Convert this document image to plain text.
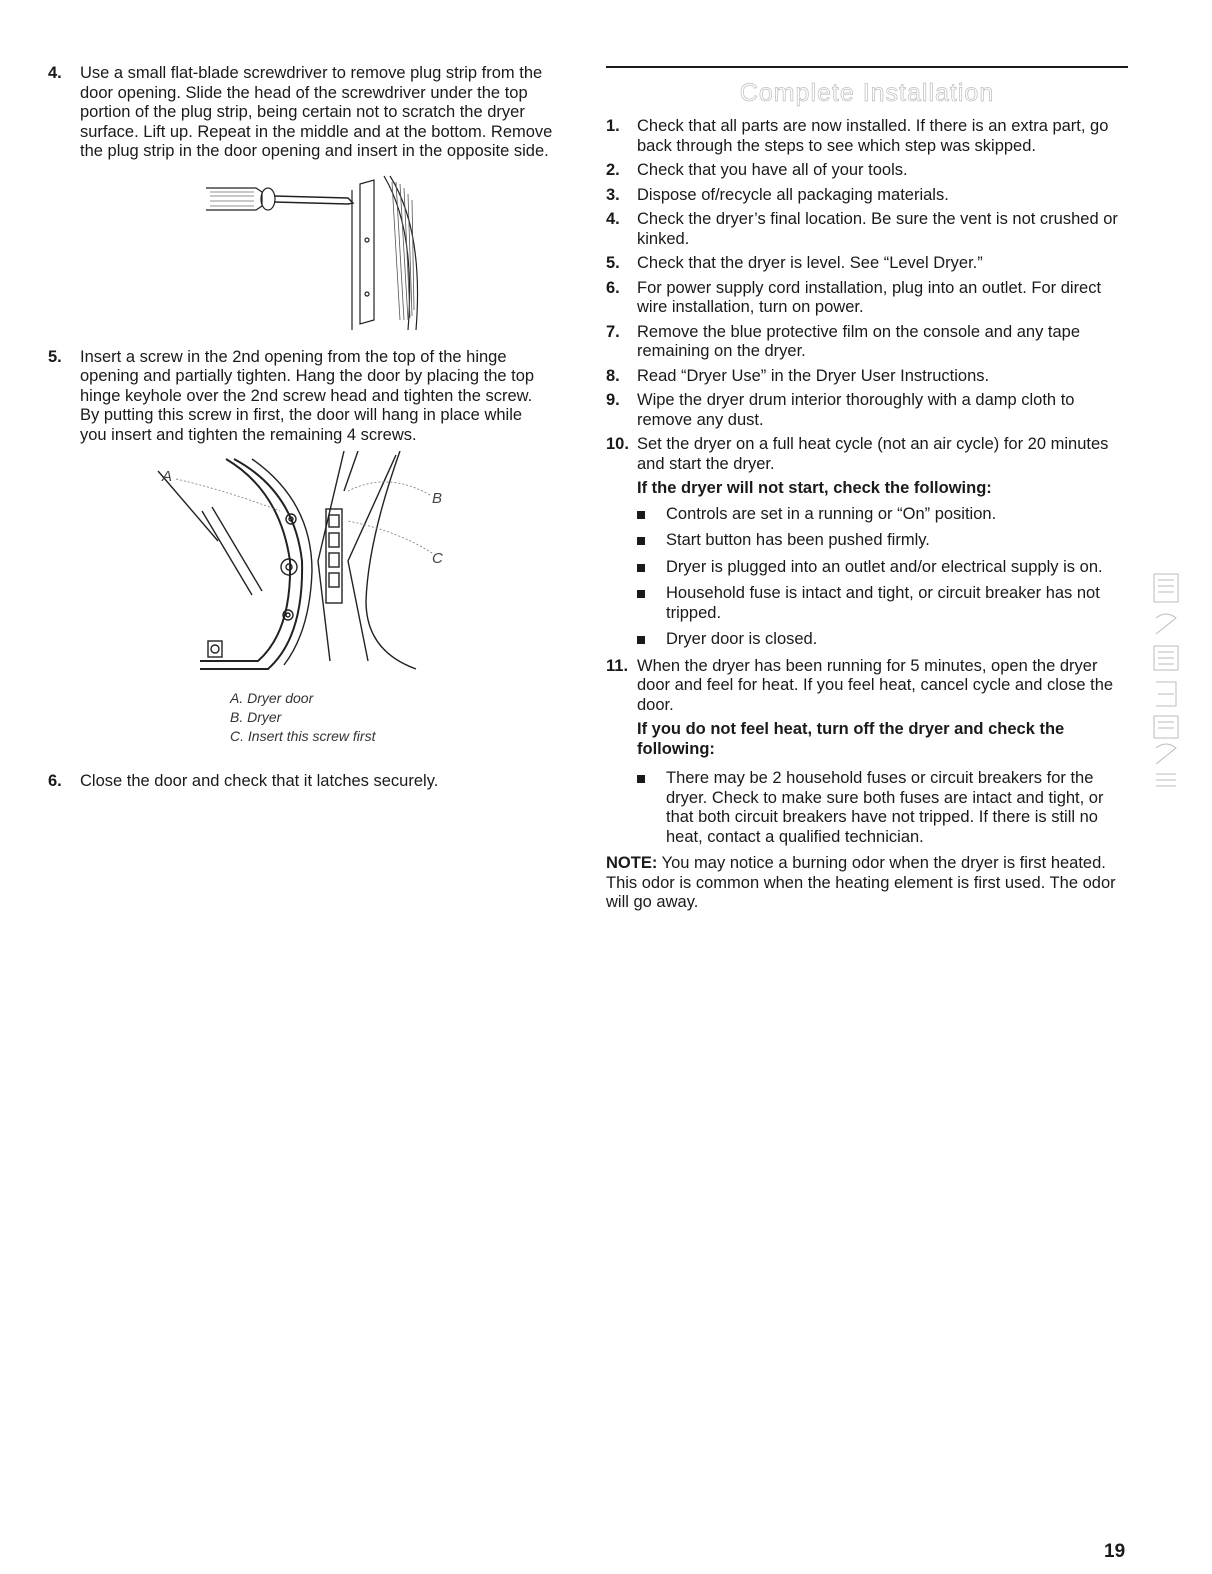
4. Use a small flat-blade screwdriver to remove plug strip from the door opening. Slide the head of the screwdriver under the top portion of the plug strip, being certain not to scratch the dryer surface. Lift up. Repeat in the middle and at the bottom. Remove the plug strip in the door opening and insert in the opposite side.

5. Insert a screw in the 2nd opening from the top of the hinge opening and partially tighten. Hang the door by placing the top hinge keyhole over the 2nd screw head and tighten the screw. By putting this screw in first, the door will hang in place while you insert and tighten the remaining 4 screws.

A
B
C
A. Dryer door
B. Dryer
C. Insert this screw first

6. Close the door and check that it latches securely.

Complete Installation

1. Check that all parts are now installed. If there is an extra part, go back through the steps to see which step was skipped.

2. Check that you have all of your tools.

3. Dispose of/recycle all packaging materials.

4. Check the dryer’s final location. Be sure the vent is not crushed or kinked.

5. Check that the dryer is level. See “Level Dryer.”

6. For power supply cord installation, plug into an outlet. For direct wire installation, turn on power.

7. Remove the blue protective film on the console and any tape remaining on the dryer.

8. Read “Dryer Use” in the Dryer User Instructions.

9. Wipe the dryer drum interior thoroughly with a damp cloth to remove any dust.

10. Set the dryer on a full heat cycle (not an air cycle) for 20 minutes and start the dryer.

If the dryer will not start, check the following:

Controls are set in a running or “On” position.
Start button has been pushed firmly.
Dryer is plugged into an outlet and/or electrical supply is on.
Household fuse is intact and tight, or circuit breaker has not tripped.
Dryer door is closed.

11. When the dryer has been running for 5 minutes, open the dryer door and feel for heat. If you feel heat, cancel cycle and close the door.

If you do not feel heat, turn off the dryer and check the following:

There may be 2 household fuses or circuit breakers for the dryer. Check to make sure both fuses are intact and tight, or that both circuit breakers have not tripped. If there is still no heat, contact a qualified technician.

NOTE: You may notice a burning odor when the dryer is first heated. This odor is common when the heating element is first used. The odor will go away.

19
